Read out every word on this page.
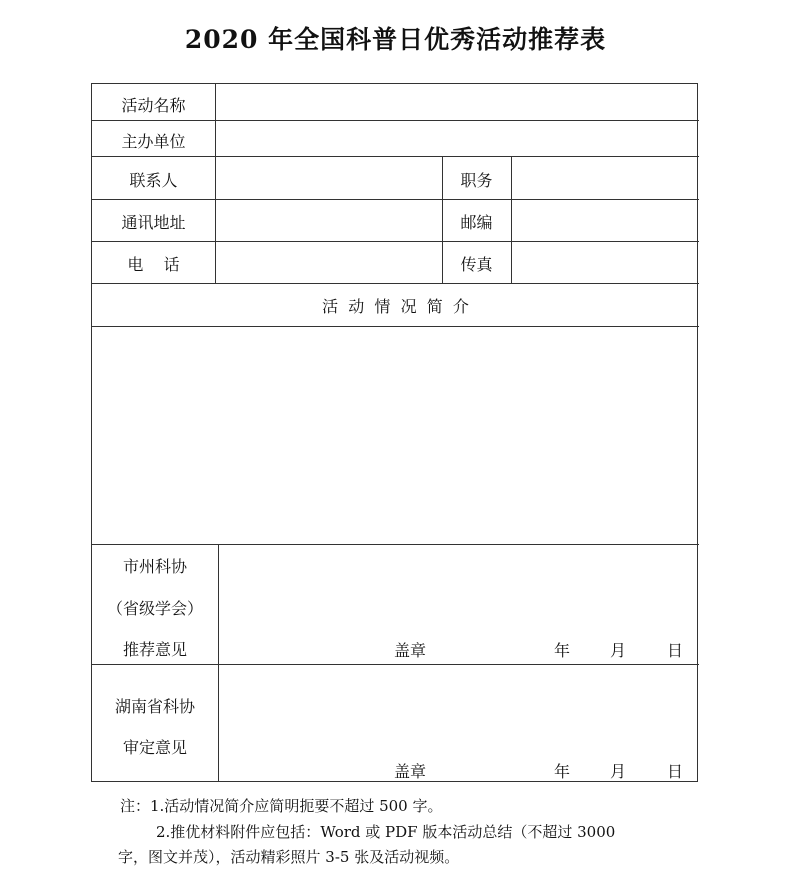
2020 年全国科普日优秀活动推荐表
活动名称
主办单位
联系人	职务
通讯地址	邮编
电    话	传真
活  动  情  况  简  介
市州科协
（省级学会）
推荐意见	盖章	年 月	日
湖南省科协
审定意见
盖章	年 月	日
注：1.活动情况简介应简明扼要不超过 500 字。
2.推优材料附件应包括：Word 或 PDF 版本活动总结（不超过 3000
字，图文并茂），活动精彩照片 3-5 张及活动视频。
